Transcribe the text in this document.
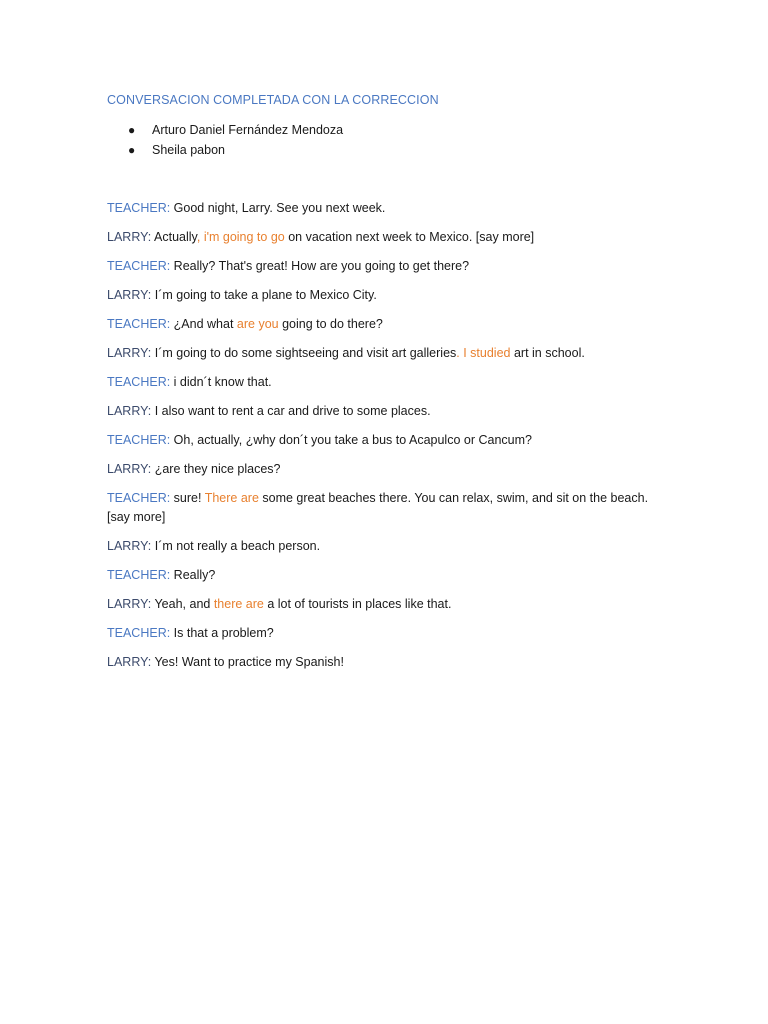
CONVERSACION COMPLETADA CON LA CORRECCION
● Arturo Daniel Fernández Mendoza
● Sheila pabon
TEACHER: Good night, Larry. See you next week.
LARRY: Actually, i'm going to go on vacation next week to Mexico. [say more]
TEACHER: Really? That's great! How are you going to get there?
LARRY: I´m going to take a plane to Mexico City.
TEACHER: ¿And what are you going to do there?
LARRY: I´m going to do some sightseeing and visit art galleries. I studied art in school.
TEACHER: i didn´t know that.
LARRY: I also want to rent a car and drive to some places.
TEACHER: Oh, actually, ¿why don´t you take a bus to Acapulco or Cancum?
LARRY: ¿are they nice places?
TEACHER: sure! There are some great beaches there. You can relax, swim, and sit on the beach. [say more]
LARRY: I´m not really a beach person.
TEACHER: Really?
LARRY: Yeah, and there are a lot of tourists in places like that.
TEACHER: Is that a problem?
LARRY: Yes! Want to practice my Spanish!
